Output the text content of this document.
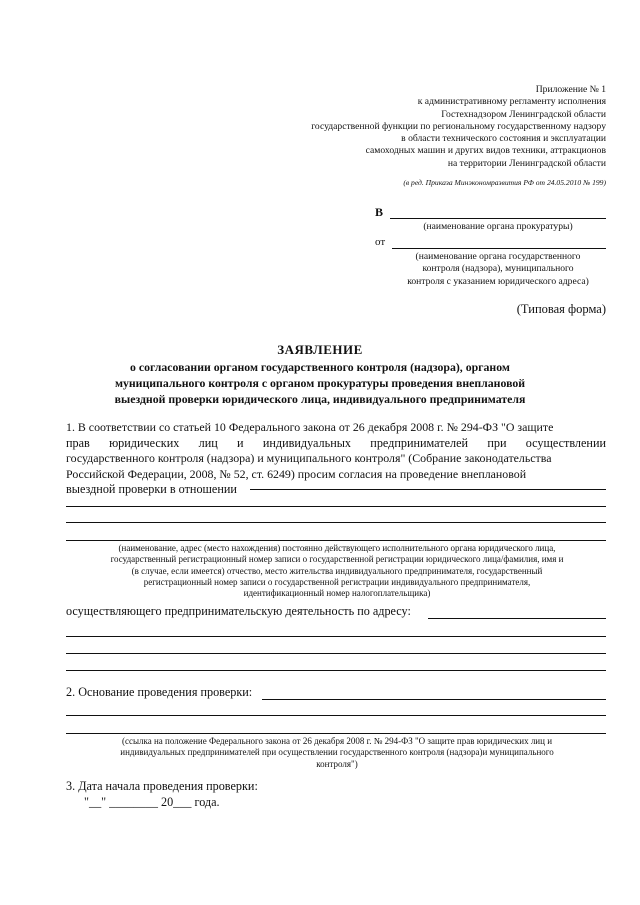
Приложение № 1
к административному регламенту исполнения
Гостехнадзором Ленинградской области
государственной функции по региональному государственному надзору
в области технического состояния и эксплуатации
самоходных машин и других видов техники, аттракционов
на территории Ленинградской области
(в ред. Приказа Минэкономразвития РФ от 24.05.2010 № 199)
В
(наименование органа прокуратуры)
от
(наименование органа государственного
контроля (надзора), муниципального
контроля с указанием юридического адреса)
(Типовая форма)
ЗАЯВЛЕНИЕ
о согласовании органом государственного контроля (надзора), органом
муниципального контроля с органом прокуратуры проведения внеплановой
выездной проверки юридического лица, индивидуального предпринимателя
1. В соответствии со статьей 10 Федерального закона от 26 декабря 2008 г. № 294-ФЗ "О защите
прав юридических лиц и индивидуальных предпринимателей при осуществлении
государственного контроля (надзора) и муниципального контроля" (Собрание законодательства
Российской Федерации, 2008, № 52, ст. 6249) просим согласия на проведение внеплановой
выездной проверки в отношении
(наименование, адрес (место нахождения) постоянно действующего исполнительного органа юридического лица,
государственный регистрационный номер записи о государственной регистрации юридического лица/фамилия, имя и
(в случае, если имеется) отчество, место жительства индивидуального предпринимателя, государственный
регистрационный номер записи о государственной регистрации индивидуального предпринимателя,
идентификационный номер налогоплательщика)
осуществляющего предпринимательскую деятельность по адресу:
2. Основание проведения проверки:
(ссылка на положение Федерального закона от 26 декабря 2008 г. № 294-ФЗ "О защите прав юридических лиц и
индивидуальных предпринимателей при осуществлении государственного контроля (надзора)и муниципального
контроля")
3. Дата начала проведения проверки:
"__" ________ 20___ года.
